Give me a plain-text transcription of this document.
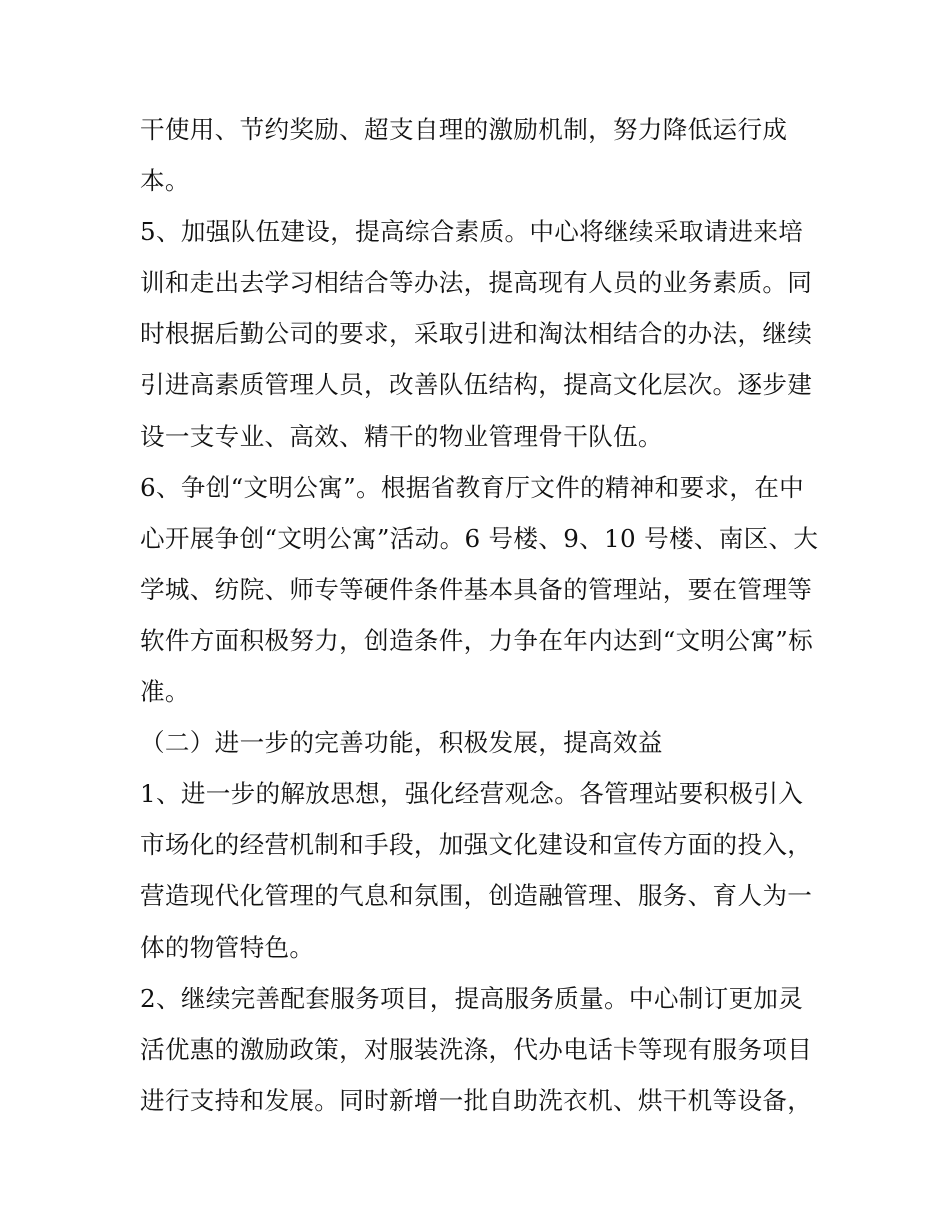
干使用、节约奖励、超支自理的激励机制，努力降低运行成
本。
5、加强队伍建设，提高综合素质。中心将继续采取请进来培
训和走出去学习相结合等办法，提高现有人员的业务素质。同
时根据后勤公司的要求，采取引进和淘汰相结合的办法，继续
引进高素质管理人员，改善队伍结构，提高文化层次。逐步建
设一支专业、高效、精干的物业管理骨干队伍。
6、争创“文明公寓”。根据省教育厅文件的精神和要求，在中
心开展争创“文明公寓”活动。6 号楼、9、10 号楼、南区、大
学城、纺院、师专等硬件条件基本具备的管理站，要在管理等
软件方面积极努力，创造条件，力争在年内达到“文明公寓”标
准。
（二）进一步的完善功能，积极发展，提高效益
1、进一步的解放思想，强化经营观念。各管理站要积极引入
市场化的经营机制和手段，加强文化建设和宣传方面的投入，
营造现代化管理的气息和氛围，创造融管理、服务、育人为一
体的物管特色。
2、继续完善配套服务项目，提高服务质量。中心制订更加灵
活优惠的激励政策，对服装洗涤，代办电话卡等现有服务项目
进行支持和发展。同时新增一批自助洗衣机、烘干机等设备，
